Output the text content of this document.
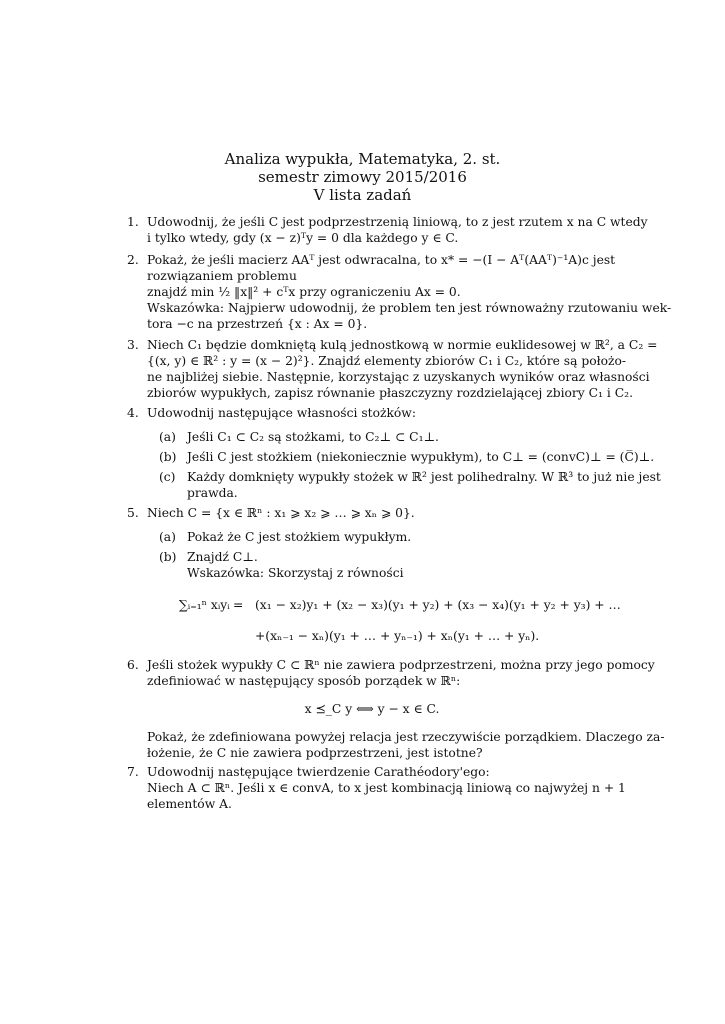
Analiza wypukła, Matematyka, 2. st.
semestr zimowy 2015/2016
V lista zadań
1. Udowodnij, że jeśli C jest podprzestrzenią liniową, to z jest rzutem x na C wtedy
i tylko wtedy, gdy (x − z)ᵀy = 0 dla każdego y ∈ C.
2. Pokaż, że jeśli macierz AAᵀ jest odwracalna, to x* = −(I − Aᵀ(AAᵀ)⁻¹A)c jest
rozwiązaniem problemu
znajdź min ½ ‖x‖² + cᵀx przy ograniczeniu Ax = 0.
Wskazówka: Najpierw udowodnij, że problem ten jest równoważny rzutowaniu wek-
tora −c na przestrzeń {x : Ax = 0}.
3. Niech C₁ będzie domkniętą kulą jednostkową w normie euklidesowej w ℝ², a C₂ =
{(x, y) ∈ ℝ² : y = (x − 2)²}. Znajdź elementy zbiorów C₁ i C₂, które są położo-
ne najbliżej siebie. Następnie, korzystając z uzyskanych wyników oraz własności
zbiorów wypukłych, zapisz równanie płaszczyzny rozdzielającej zbiory C₁ i C₂.
4. Udowodnij następujące własności stożków:
(a) Jeśli C₁ ⊂ C₂ są stożkami, to C₂⊥ ⊂ C₁⊥.
(b) Jeśli C jest stożkiem (niekoniecznie wypukłym), to C⊥ = (convC)⊥ = (C̅)⊥.
(c) Każdy domknięty wypukły stożek w ℝ² jest polihedralny. W ℝ³ to już nie jest
prawda.
5. Niech C = {x ∈ ℝⁿ : x₁ ⩾ x₂ ⩾ … ⩾ xₙ ⩾ 0}.
(a) Pokaż że C jest stożkiem wypukłym.
(b) Znajdź C⊥.
Wskazówka: Skorzystaj z równości
∑ᵢ₌₁ⁿ xᵢyᵢ = (x₁ − x₂)y₁ + (x₂ − x₃)(y₁ + y₂) + (x₃ − x₄)(y₁ + y₂ + y₃) + …
+(xₙ₋₁ − xₙ)(y₁ + … + yₙ₋₁) + xₙ(y₁ + … + yₙ).
6. Jeśli stożek wypukły C ⊂ ℝⁿ nie zawiera podprzestrzeni, można przy jego pomocy
zdefiniować w następujący sposób porządek w ℝⁿ:
x ⪯_C y ⟺ y − x ∈ C.
Pokaż, że zdefiniowana powyżej relacja jest rzeczywiście porządkiem. Dlaczego za-
łożenie, że C nie zawiera podprzestrzeni, jest istotne?
7. Udowodnij następujące twierdzenie Carathéodory'ego:
Niech A ⊂ ℝⁿ. Jeśli x ∈ convA, to x jest kombinacją liniową co najwyżej n + 1
elementów A.
